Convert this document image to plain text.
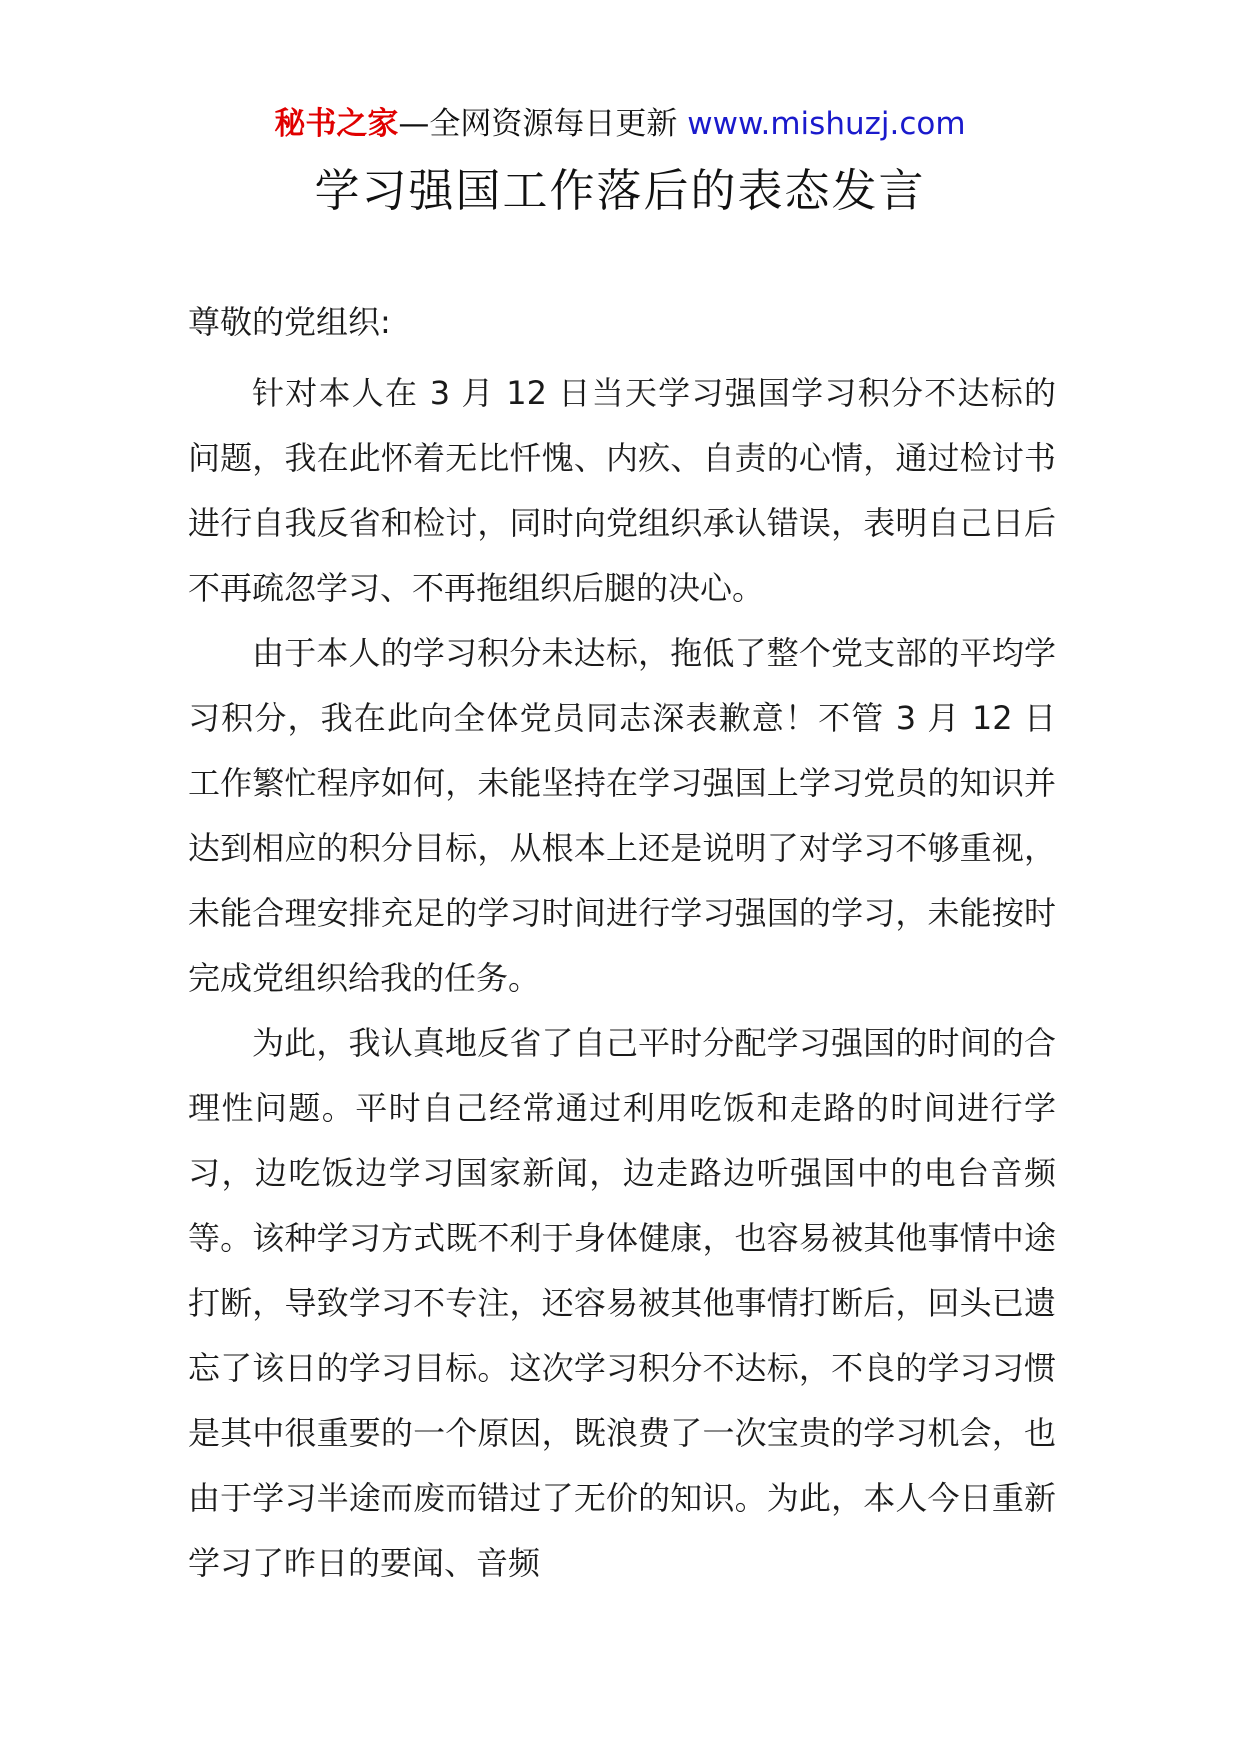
秘书之家—全网资源每日更新 www.mishuzj.com
学习强国工作落后的表态发言

尊敬的党组织:

针对本人在 3 月 12 日当天学习强国学习积分不达标的问题，我在此怀着无比忏愧、内疚、自责的心情，通过检讨书进行自我反省和检讨，同时向党组织承认错误，表明自己日后不再疏忽学习、不再拖组织后腿的决心。

由于本人的学习积分未达标，拖低了整个党支部的平均学习积分，我在此向全体党员同志深表歉意！不管 3 月 12 日工作繁忙程序如何，未能坚持在学习强国上学习党员的知识并达到相应的积分目标，从根本上还是说明了对学习不够重视，未能合理安排充足的学习时间进行学习强国的学习，未能按时完成党组织给我的任务。

为此，我认真地反省了自己平时分配学习强国的时间的合理性问题。平时自己经常通过利用吃饭和走路的时间进行学习，边吃饭边学习国家新闻，边走路边听强国中的电台音频等。该种学习方式既不利于身体健康，也容易被其他事情中途打断，导致学习不专注，还容易被其他事情打断后，回头已遗忘了该日的学习目标。这次学习积分不达标，不良的学习习惯是其中很重要的一个原因，既浪费了一次宝贵的学习机会，也由于学习半途而废而错过了无价的知识。为此，本人今日重新学习了昨日的要闻、音频
